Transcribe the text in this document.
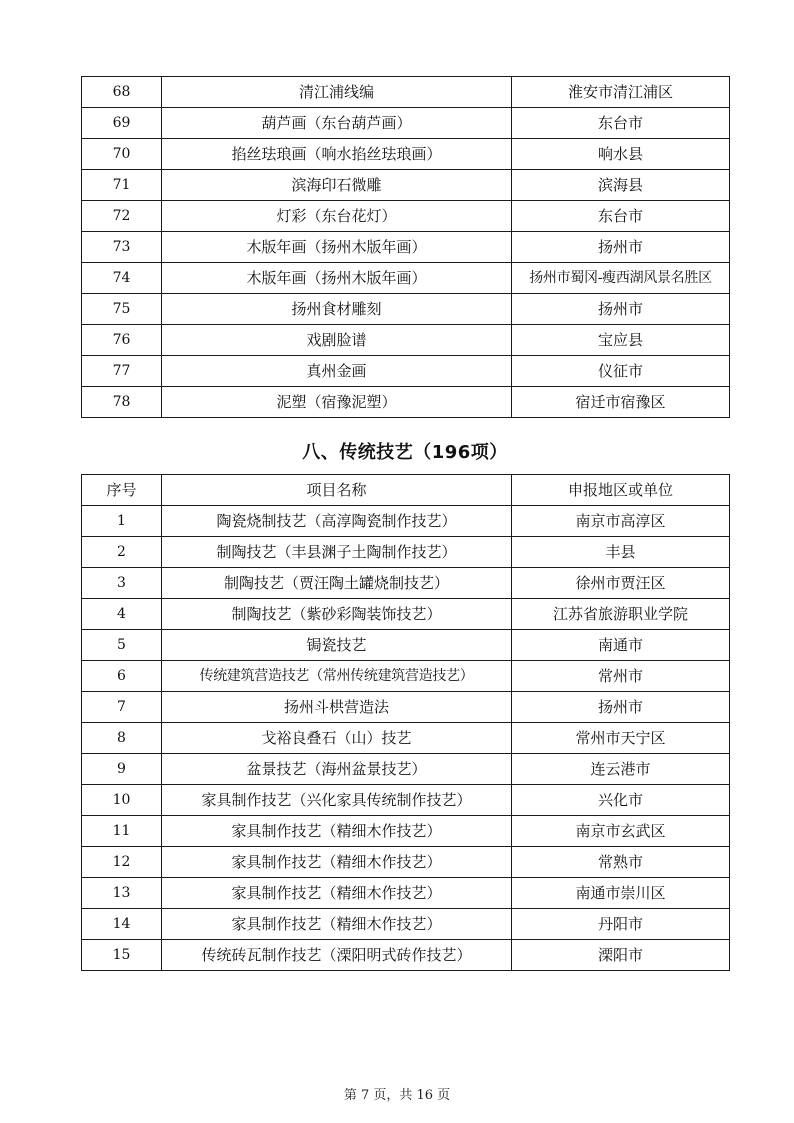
68	清江浦线编	淮安市清江浦区
69	葫芦画（东台葫芦画）	东台市
70	掐丝珐琅画（响水掐丝珐琅画）	响水县
71	滨海印石微雕	滨海县
72	灯彩（东台花灯）	东台市
73	木版年画（扬州木版年画）	扬州市
74	木版年画（扬州木版年画）	扬州市蜀冈-瘦西湖风景名胜区
75	扬州食材雕刻	扬州市
76	戏剧脸谱	宝应县
77	真州金画	仪征市
78	泥塑（宿豫泥塑）	宿迁市宿豫区
八、传统技艺（196项）
序号	项目名称	申报地区或单位
1	陶瓷烧制技艺（高淳陶瓷制作技艺）	南京市高淳区
2	制陶技艺（丰县渊子土陶制作技艺）	丰县
3	制陶技艺（贾汪陶土罐烧制技艺）	徐州市贾汪区
4	制陶技艺（紫砂彩陶装饰技艺）	江苏省旅游职业学院
5	锔瓷技艺	南通市
6	传统建筑营造技艺（常州传统建筑营造技艺）	常州市
7	扬州斗栱营造法	扬州市
8	戈裕良叠石（山）技艺	常州市天宁区
9	盆景技艺（海州盆景技艺）	连云港市
10	家具制作技艺（兴化家具传统制作技艺）	兴化市
11	家具制作技艺（精细木作技艺）	南京市玄武区
12	家具制作技艺（精细木作技艺）	常熟市
13	家具制作技艺（精细木作技艺）	南通市崇川区
14	家具制作技艺（精细木作技艺）	丹阳市
15	传统砖瓦制作技艺（溧阳明式砖作技艺）	溧阳市
第 7 页，共 16 页
